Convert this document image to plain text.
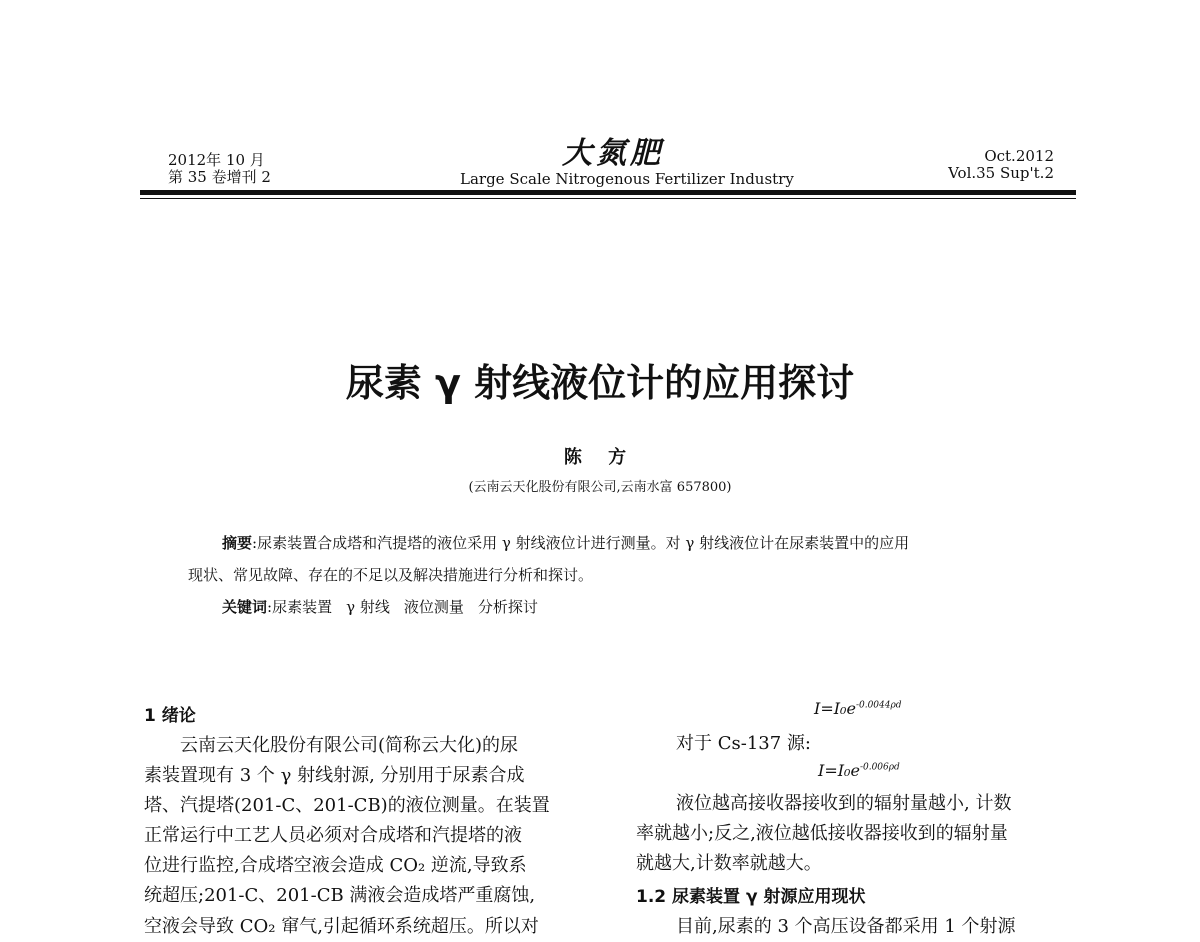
2012年 10 月
第 35 卷增刊 2
大氮肥
Large Scale Nitrogenous Fertilizer Industry
Oct.2012
Vol.35 Sup't.2
尿素 γ 射线液位计的应用探讨
陈 方
(云南云天化股份有限公司,云南水富 657800)
摘要:尿素装置合成塔和汽提塔的液位采用 γ 射线液位计进行测量。对 γ 射线液位计在尿素装置中的应用
现状、常见故障、存在的不足以及解决措施进行分析和探讨。
关键词:尿素装置 γ 射线 液位测量 分析探讨
1 绪论
云南云天化股份有限公司(简称云大化)的尿
素装置现有 3 个 γ 射线射源, 分别用于尿素合成
塔、汽提塔(201-C、201-CB)的液位测量。在装置
正常运行中工艺人员必须对合成塔和汽提塔的液
位进行监控,合成塔空液会造成 CO₂ 逆流,导致系
统超压;201-C、201-CB 满液会造成塔严重腐蚀,
空液会导致 CO₂ 窜气,引起循环系统超压。所以对
$I=I_0e^{-0.0044\rho d}$
对于 Cs-137 源:
$I=I_0e^{-0.006\rho d}$
液位越高接收器接收到的辐射量越小, 计数
率就越小;反之,液位越低接收器接收到的辐射量
就越大,计数率就越大。
1.2 尿素装置 γ 射源应用现状
目前,尿素的 3 个高压设备都采用 1 个射源
